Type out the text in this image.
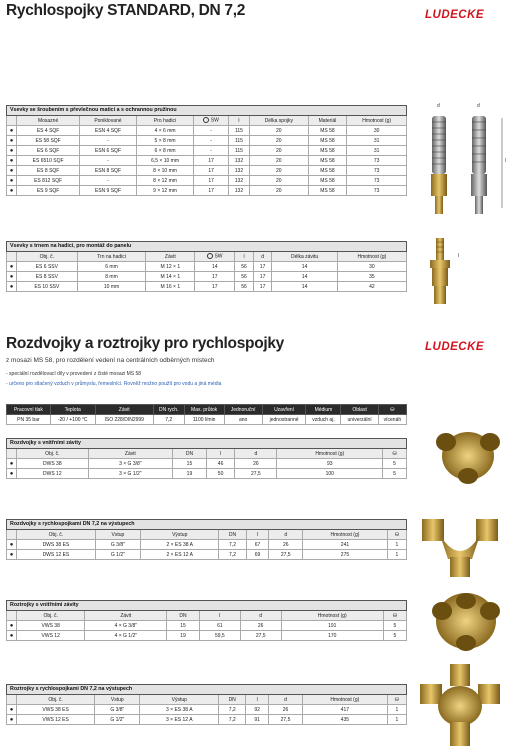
Rychlospojky STANDARD, DN 7,2	LUDECKE
Vsevky se šroubením s převlečnou maticí a s ochrannou pružinou								
	Mosazné	Poniklované	Pro hadici	SW	l	Délka spojky	Materiál	Hmotnost (g)
●	ES 4 SQF	ESN 4 SQF	4 × 6 mm	-	115	20	MS 58	30
●	ES 58 SQF	-	5 × 8 mm	-	115	20	MS 58	31
●	ES 6 SQF	ESN 6 SQF	6 × 8 mm	-	115	20	MS 58	31
●	ES 6510 SQF	-	6,5 × 10 mm	17	132	20	MS 58	73
●	ES 8 SQF	ESN 8 SQF	8 × 10 mm	17	132	20	MS 58	73
●	ES 812 SQF	-	8 × 12 mm	17	132	20	MS 58	73
●	ES 9 SQF	ESN 9 SQF	9 × 12 mm	17	132	20	MS 58	73
d	d
l
Vsevky s trnem na hadici, pro montáž do panelu								
	Obj. č.	Trn na hadici	Závit	SW	l	d	Délka závitu	Hmotnost (g)
●	ES 6 SSV	6 mm	M 12 × 1	14	56	17	14	30
●	ES 8 SSV	8 mm	M 14 × 1	17	56	17	14	35
●	ES 10 SSV	10 mm	M 16 × 1	17	56	17	14	42
l
Rozdvojky a roztrojky pro rychlospojky	LUDECKE
z mosazi MS 58, pro rozdělení vedení na centrálních odběrných místech
- speciální rozdělovací díly v provedení z čisté mosazi MS 58
- určeno pro stlačený vzduch v průmyslu, řemeslníci. Rovněž možno použít pro vodu a jiná média
Pracovní tlak	Teplota	Závit	DN rych.	Max. průtok	Jednoruční	Uzavření	Médium	Oblast	⛁
PN 35 bar	-20 / +100 °C	ISO 228/DIN2999	7,2	1100 l/min	ano	jednostranné	vzduch aj.	univerzální	vícenáh
Rozdvojky s vnitřními závity							
	Obj. č.	Závit	DN	l	d	Hmotnost (g)	⛁
●	DWS 38	3 × G 3/8"	15	46	26	93	5
●	DWS 12	3 × G 1/2"	19	50	27,5	100	5
Rozdvojky s rychlospojkami DN 7,2 na výstupech								
	Obj. č.	Vstup	Výstup	DN	l	d	Hmotnost (g)	⛁
●	DWS 38 ES	G 3/8"	2 × ES 38 A	7,2	67	26	241	1
●	DWS 12 ES	G 1/2"	2 × ES 12 A	7,2	69	27,5	275	1
Roztrojky s vnitřními závity							
	Obj. č.	Závit	DN	l	d	Hmotnost (g)	⛁
●	VWS 38	4 × G 3/8"	15	61	26	191	5
●	VWS 12	4 × G 1/2"	19	59,5	27,5	170	5
Roztrojky s rychlospojkami DN 7,2 na výstupech								
	Obj. č.	Vstup	Výstup	DN	l	d	Hmotnost (g)	⛁
●	VWS 38 ES	G 3/8"	3 × ES 38 A	7,2	92	26	417	1
●	VWS 12 ES	G 1/2"	3 × ES 12 A	7,2	91	27,5	435	1
